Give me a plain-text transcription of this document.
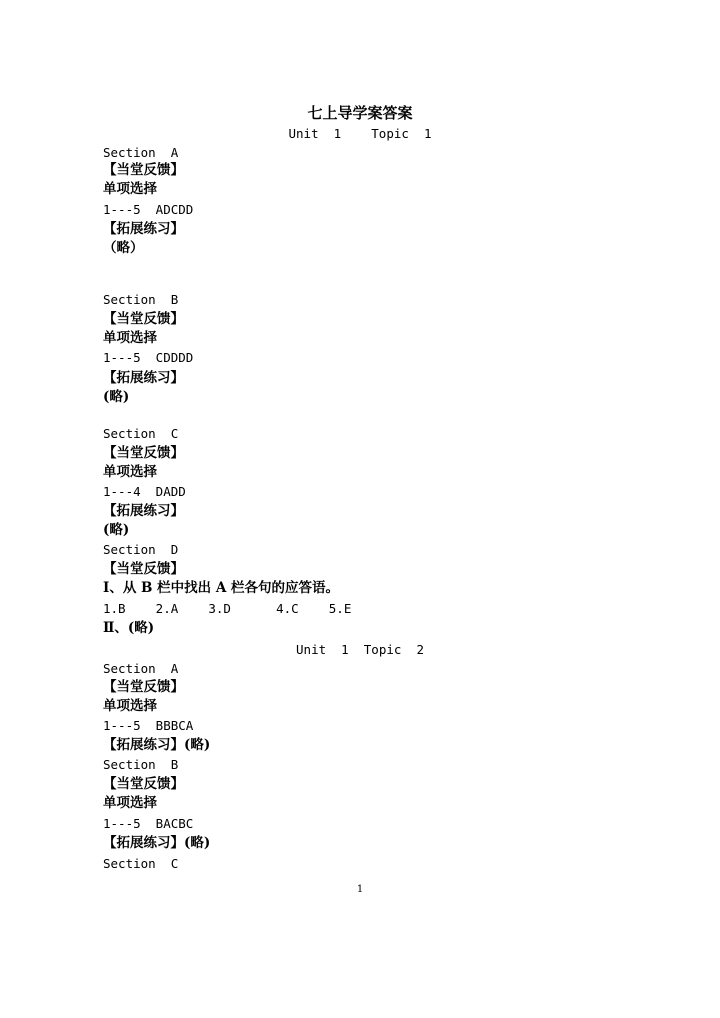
七上导学案答案
Unit  1    Topic  1
Section  A
【当堂反馈】
单项选择
1---5  ADCDD
【拓展练习】
（略）
Section  B
【当堂反馈】
单项选择
1---5  CDDDD
【拓展练习】
(略)
Section  C
【当堂反馈】
单项选择
1---4  DADD
【拓展练习】
(略)
Section  D
【当堂反馈】
Ⅰ、从 B 栏中找出 A 栏各句的应答语。
1.B    2.A    3.D      4.C    5.E
Ⅱ、(略)
Unit  1  Topic  2
Section  A
【当堂反馈】
单项选择
1---5  BBBCA
【拓展练习】(略)
Section  B
【当堂反馈】
单项选择
1---5  BACBC
【拓展练习】(略)
Section  C
1
